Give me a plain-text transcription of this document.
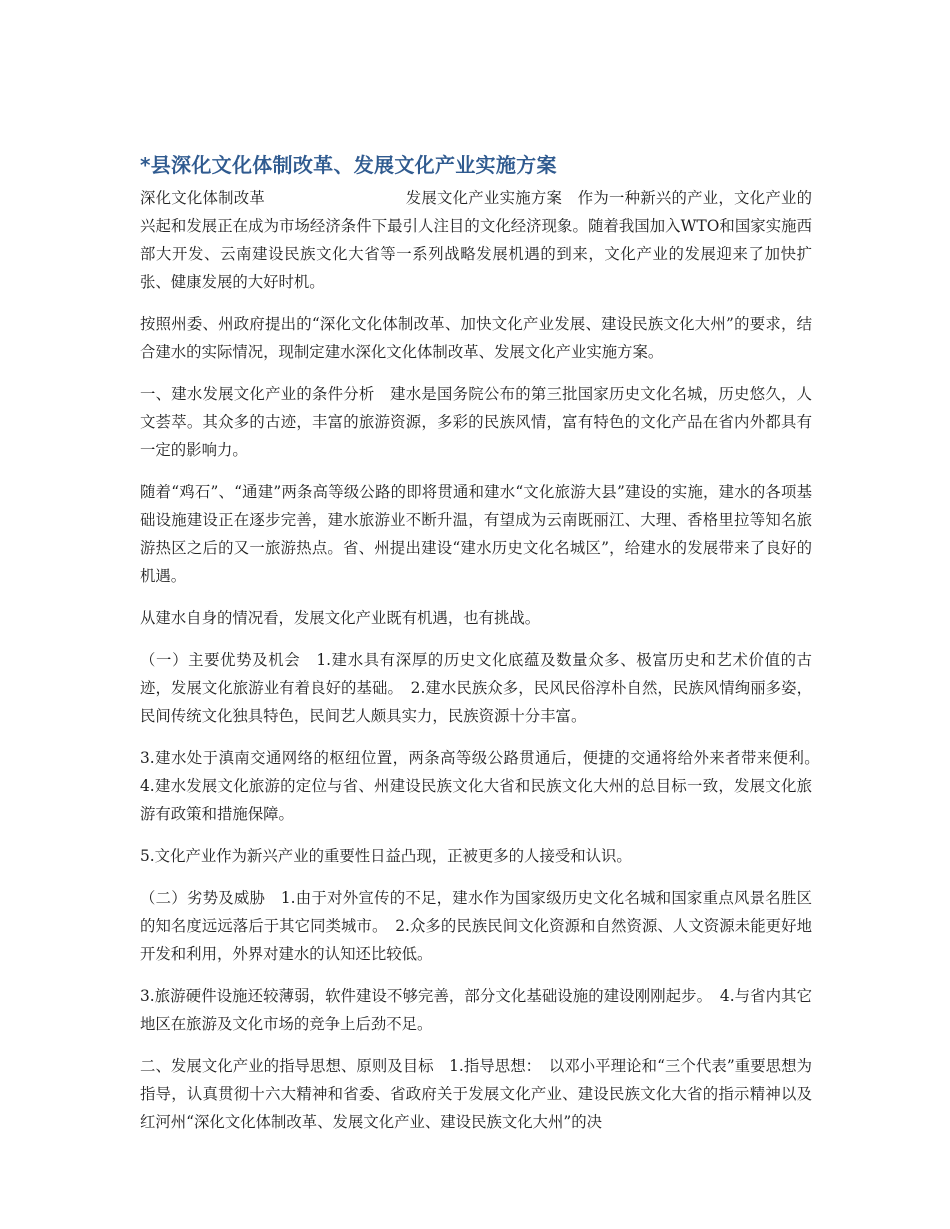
*县深化文化体制改革、发展文化产业实施方案

深化文化体制改革　　　　　　　　　发展文化产业实施方案　作为一种新兴的产业，文化产业的兴起和发展正在成为市场经济条件下最引人注目的文化经济现象。随着我国加入WTO和国家实施西部大开发、云南建设民族文化大省等一系列战略发展机遇的到来，文化产业的发展迎来了加快扩张、健康发展的大好时机。

按照州委、州政府提出的“深化文化体制改革、加快文化产业发展、建设民族文化大州”的要求，结合建水的实际情况，现制定建水深化文化体制改革、发展文化产业实施方案。

一、建水发展文化产业的条件分析　建水是国务院公布的第三批国家历史文化名城，历史悠久，人文荟萃。其众多的古迹，丰富的旅游资源，多彩的民族风情，富有特色的文化产品在省内外都具有一定的影响力。

随着“鸡石”、“通建”两条高等级公路的即将贯通和建水“文化旅游大县”建设的实施，建水的各项基础设施建设正在逐步完善，建水旅游业不断升温，有望成为云南既丽江、大理、香格里拉等知名旅游热区之后的又一旅游热点。省、州提出建设“建水历史文化名城区”，给建水的发展带来了良好的机遇。

从建水自身的情况看，发展文化产业既有机遇，也有挑战。

（一）主要优势及机会　1.建水具有深厚的历史文化底蕴及数量众多、极富历史和艺术价值的古迹，发展文化旅游业有着良好的基础。　2.建水民族众多，民风民俗淳朴自然，民族风情绚丽多姿，民间传统文化独具特色，民间艺人颇具实力，民族资源十分丰富。

3.建水处于滇南交通网络的枢纽位置，两条高等级公路贯通后，便捷的交通将给外来者带来便利。　4.建水发展文化旅游的定位与省、州建设民族文化大省和民族文化大州的总目标一致，发展文化旅游有政策和措施保障。

5.文化产业作为新兴产业的重要性日益凸现，正被更多的人接受和认识。

（二）劣势及威胁　1.由于对外宣传的不足，建水作为国家级历史文化名城和国家重点风景名胜区的知名度远远落后于其它同类城市。　2.众多的民族民间文化资源和自然资源、人文资源未能更好地开发和利用，外界对建水的认知还比较低。

3.旅游硬件设施还较薄弱，软件建设不够完善，部分文化基础设施的建设刚刚起步。　4.与省内其它地区在旅游及文化市场的竞争上后劲不足。

二、发展文化产业的指导思想、原则及目标　1.指导思想：　以邓小平理论和“三个代表”重要思想为指导，认真贯彻十六大精神和省委、省政府关于发展文化产业、建设民族文化大省的指示精神以及红河州“深化文化体制改革、发展文化产业、建设民族文化大州”的决
